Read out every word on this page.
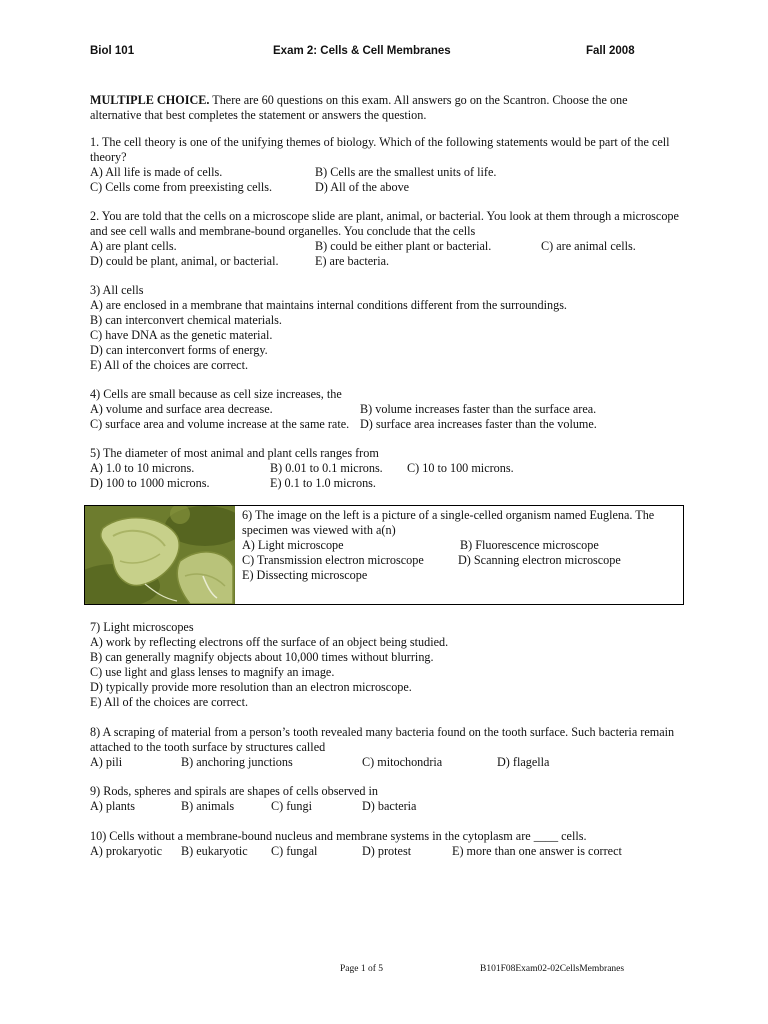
Biol 101	Exam 2: Cells & Cell Membranes	Fall 2008
MULTIPLE CHOICE. There are 60 questions on this exam. All answers go on the Scantron. Choose the one alternative that best completes the statement or answers the question.
1. The cell theory is one of the unifying themes of biology. Which of the following statements would be part of the cell theory?
A) All life is made of cells.	B) Cells are the smallest units of life.
C) Cells come from preexisting cells.	D) All of the above
2. You are told that the cells on a microscope slide are plant, animal, or bacterial. You look at them through a microscope and see cell walls and membrane-bound organelles. You conclude that the cells
A) are plant cells.	B) could be either plant or bacterial.	C) are animal cells.
D) could be plant, animal, or bacterial.	E) are bacteria.
3) All cells
A) are enclosed in a membrane that maintains internal conditions different from the surroundings.
B) can interconvert chemical materials.
C) have DNA as the genetic material.
D) can interconvert forms of energy.
E) All of the choices are correct.
4) Cells are small because as cell size increases, the
A) volume and surface area decrease.	B) volume increases faster than the surface area.
C) surface area and volume increase at the same rate. D) surface area increases faster than the volume.
5) The diameter of most animal and plant cells ranges from
A) 1.0 to 10 microns.	B) 0.01 to 0.1 microns. C) 10 to 100 microns.
D) 100 to 1000 microns.	E) 0.1 to 1.0 microns.
6) The image on the left is a picture of a single-celled organism named Euglena. The specimen was viewed with a(n)
A) Light microscope	B) Fluorescence microscope
C) Transmission electron microscope	D) Scanning electron microscope
E) Dissecting microscope
7) Light microscopes
A) work by reflecting electrons off the surface of an object being studied.
B) can generally magnify objects about 10,000 times without blurring.
C) use light and glass lenses to magnify an image.
D) typically provide more resolution than an electron microscope.
E) All of the choices are correct.
8) A scraping of material from a person’s tooth revealed many bacteria found on the tooth surface. Such bacteria remain attached to the tooth surface by structures called
A) pili	B) anchoring junctions	C) mitochondria	D) flagella
9) Rods, spheres and spirals are shapes of cells observed in
A) plants	B) animals	C) fungi	D) bacteria
10) Cells without a membrane-bound nucleus and membrane systems in the cytoplasm are ____ cells.
A) prokaryotic B) eukaryotic C) fungal	D) protest	E) more than one answer is correct
Page 1 of 5	B101F08Exam02-02CellsMembranes
